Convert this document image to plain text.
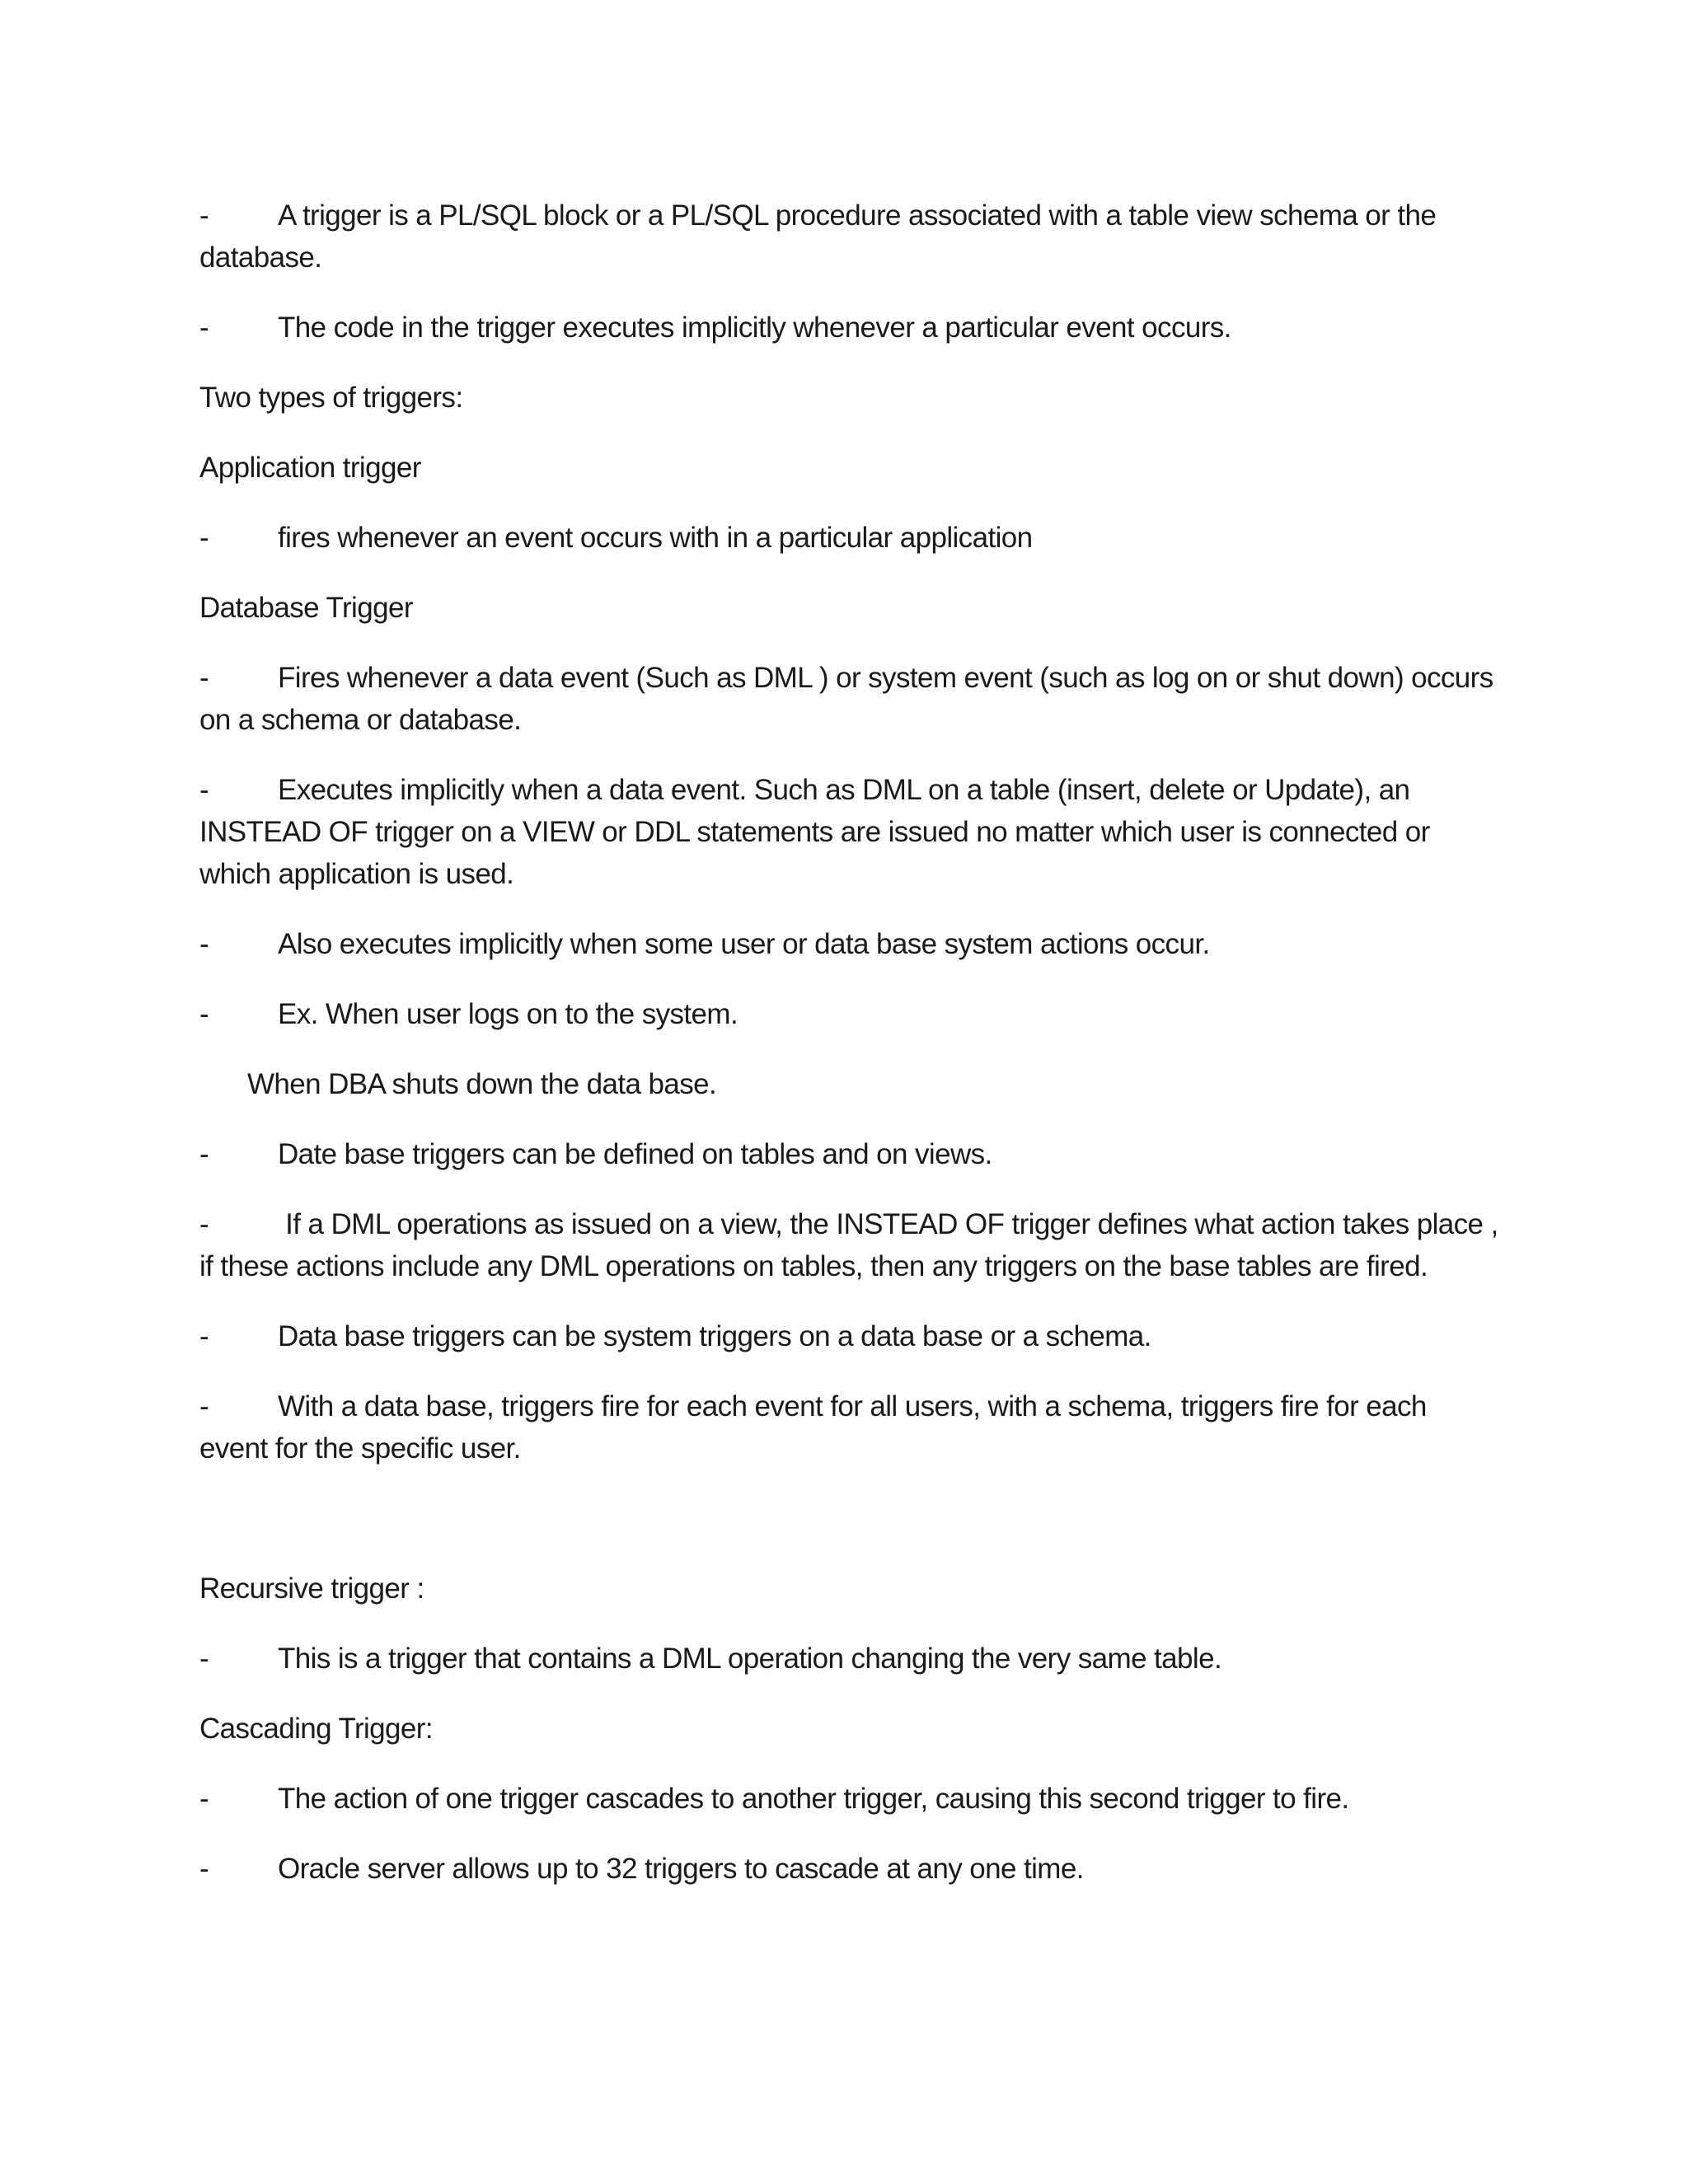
- A trigger is a PL/SQL block or a PL/SQL procedure associated with a table view schema or the database.

- The code in the trigger executes implicitly whenever a particular event occurs.

Two types of triggers:

Application trigger

- fires whenever an event occurs with in a particular application

Database Trigger

- Fires whenever a data event (Such as DML ) or system event (such as log on or shut down) occurs on a schema or database.

- Executes implicitly when a data event. Such as DML on a table (insert, delete or Update), an INSTEAD OF trigger on a VIEW or DDL statements are issued no matter which user is connected or which application is used.

- Also executes implicitly when some user or data base system actions occur.

- Ex. When user logs on to the system.

When DBA shuts down the data base.

- Date base triggers can be defined on tables and on views.

- If a DML operations as issued on a view, the INSTEAD OF trigger defines what action takes place , if these actions include any DML operations on tables, then any triggers on the base tables are fired.

- Data base triggers can be system triggers on a data base or a schema.

- With a data base, triggers fire for each event for all users, with a schema, triggers fire for each event for the specific user.

Recursive trigger :

- This is a trigger that contains a DML operation changing the very same table.

Cascading Trigger:

- The action of one trigger cascades to another trigger, causing this second trigger to fire.

- Oracle server allows up to 32 triggers to cascade at any one time.
